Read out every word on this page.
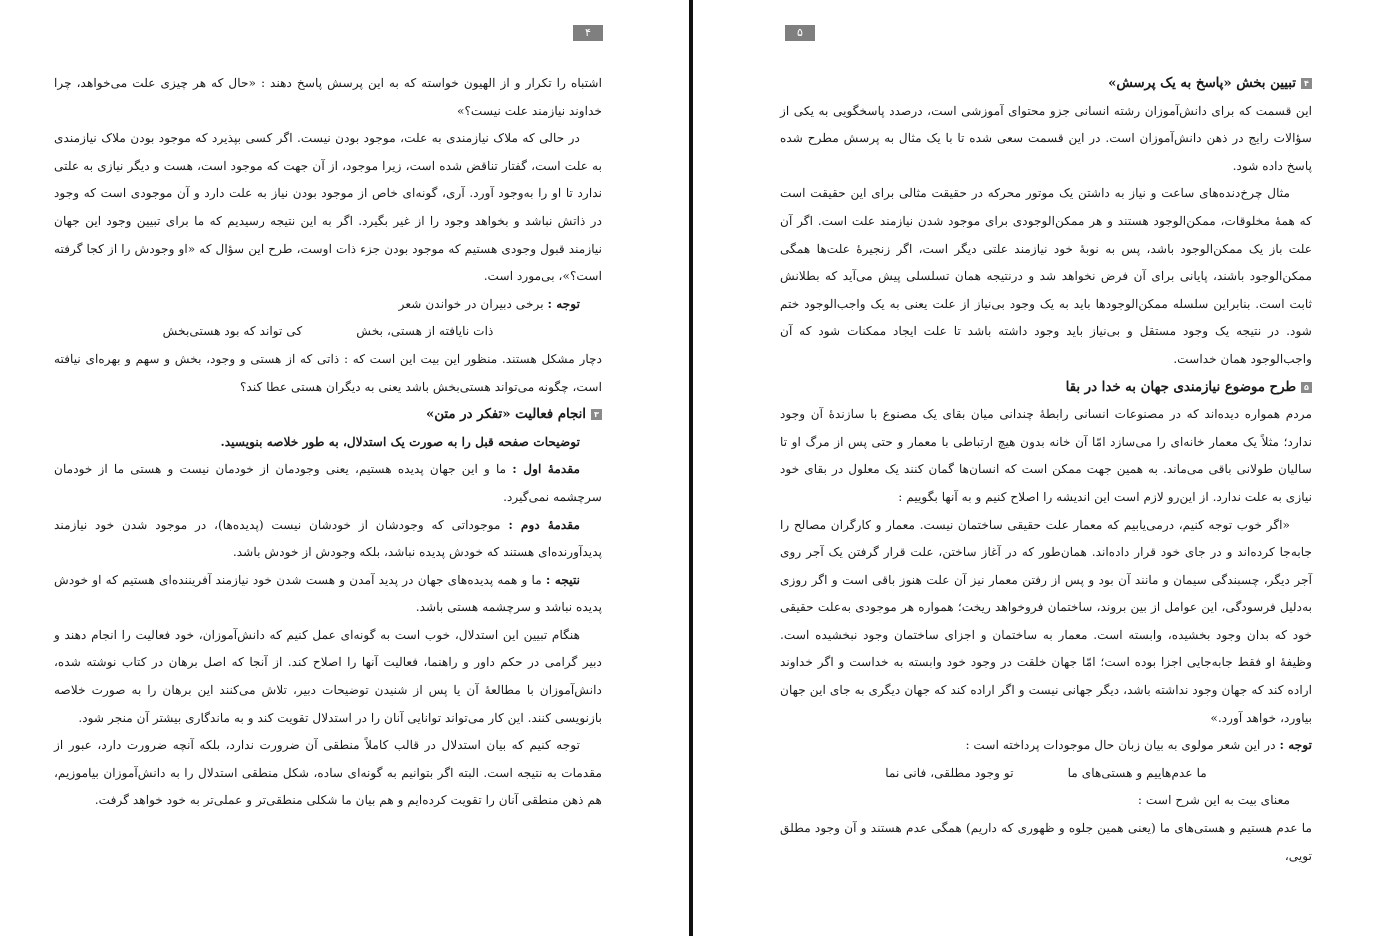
۴

اشتباه را تکرار و از الهیون خواسته که به این پرسش پاسخ دهند : «حال که هر چیزی علت می‌خواهد، چرا خداوند نیازمند علت نیست؟»

در حالی که ملاک نیازمندی به علت، موجود بودن نیست. اگر کسی بپذیرد که موجود بودن ملاک نیازمندی به علت است، گفتار تناقض شده است، زیرا موجود، از آن جهت که موجود است، هست و دیگر نیازی به علتی ندارد تا او را به‌وجود آورد. آری، گونه‌ای خاص از موجود بودن نیاز به علت دارد و آن موجودی است که وجود در ذاتش نباشد و بخواهد وجود را از غیر بگیرد. اگر به این نتیجه رسیدیم که ما برای تبیین وجود این جهان نیازمند قبول وجودی هستیم که موجود بودن جزء ذات اوست، طرح این سؤال که «او وجودش را از کجا گرفته است؟»، بی‌مورد است.

توجه : برخی دبیران در خواندن شعر

ذات نایافته از هستی، بخش
کی تواند که بود هستی‌بخش

دچار مشکل هستند. منظور این بیت این است که : ذاتی که از هستی و وجود، بخش و سهم و بهره‌ای نیافته است، چگونه می‌تواند هستی‌بخش باشد یعنی به دیگران هستی عطا کند؟

۳انجام فعالیت «تفکر در متن»

توضیحات صفحه قبل را به صورت یک استدلال، به طور خلاصه بنویسید.

مقدمهٔ اول : ما و این جهان پدیده هستیم، یعنی وجودمان از خودمان نیست و هستی ما از خودمان سرچشمه نمی‌گیرد.

مقدمهٔ دوم : موجوداتی که وجودشان از خودشان نیست (پدیده‌ها)، در موجود شدن خود نیازمند پدیدآورنده‌ای هستند که خودش پدیده نباشد، بلکه وجودش از خودش باشد.

نتیجه : ما و همه پدیده‌های جهان در پدید آمدن و هست شدن خود نیازمند آفریننده‌ای هستیم که او خودش پدیده نباشد و سرچشمه هستی باشد.

هنگام تبیین این استدلال، خوب است به گونه‌ای عمل کنیم که دانش‌آموزان، خود فعالیت را انجام دهند و دبیر گرامی در حکم داور و راهنما، فعالیت آنها را اصلاح کند. از آنجا که اصل برهان در کتاب نوشته شده، دانش‌آموزان با مطالعهٔ آن یا پس از شنیدن توضیحات دبیر، تلاش می‌کنند این برهان را به صورت خلاصه بازنویسی کنند. این کار می‌تواند توانایی آنان را در استدلال تقویت کند و به ماندگاری بیشتر آن منجر شود.

توجه کنیم که بیان استدلال در قالب کاملاً منطقی آن ضرورت ندارد، بلکه آنچه ضرورت دارد، عبور از مقدمات به نتیجه است. البته اگر بتوانیم به گونه‌ای ساده، شکل منطقی استدلال را به دانش‌آموزان بیاموزیم، هم ذهن منطقی آنان را تقویت کرده‌ایم و هم بیان ما شکلی منطقی‌تر و عملی‌تر به خود خواهد گرفت.

۵

۴تبیین بخش «پاسخ به یک پرسش»

این قسمت که برای دانش‌آموزان رشته انسانی جزو محتوای آموزشی است، درصدد پاسخگویی به یکی از سؤالات رایج در ذهن دانش‌آموزان است. در این قسمت سعی شده تا با یک مثال به پرسش مطرح شده پاسخ داده شود.

مثال چرخ‌دنده‌های ساعت و نیاز به داشتن یک موتور محرکه در حقیقت مثالی برای این حقیقت است که همهٔ مخلوقات، ممکن‌الوجود هستند و هر ممکن‌الوجودی برای موجود شدن نیازمند علت است. اگر آن علت باز یک ممکن‌الوجود باشد، پس به نوبهٔ خود نیازمند علتی دیگر است، اگر زنجیرهٔ علت‌ها همگی ممکن‌الوجود باشند، پایانی برای آن فرض نخواهد شد و درنتیجه همان تسلسلی پیش می‌آید که بطلانش ثابت است. بنابراین سلسله ممکن‌الوجودها باید به یک وجود بی‌نیاز از علت یعنی به یک واجب‌الوجود ختم شود. در نتیجه یک وجود مستقل و بی‌نیاز باید وجود داشته باشد تا علت ایجاد ممکنات شود که آن واجب‌الوجود همان خداست.

۵طرح موضوع نیازمندی جهان به خدا در بقا

مردم همواره دیده‌اند که در مصنوعات انسانی رابطهٔ چندانی میان بقای یک مصنوع با سازندهٔ آن وجود ندارد؛ مثلاً یک معمار خانه‌ای را می‌سازد امّا آن خانه بدون هیچ ارتباطی با معمار و حتی پس از مرگ او تا سالیان طولانی باقی می‌ماند. به همین جهت ممکن است که انسان‌ها گمان کنند یک معلول در بقای خود نیازی به علت ندارد. از این‌رو لازم است این اندیشه را اصلاح کنیم و به آنها بگوییم :

«اگر خوب توجه کنیم، درمی‌یابیم که معمار علت حقیقی ساختمان نیست. معمار و کارگران مصالح را جابه‌جا کرده‌اند و در جای خود قرار داده‌اند. همان‌طور که در آغاز ساختن، علت قرار گرفتن یک آجر روی آجر دیگر، چسبندگی سیمان و مانند آن بود و پس از رفتن معمار نیز آن علت هنوز باقی است و اگر روزی به‌دلیل فرسودگی، این عوامل از بین بروند، ساختمان فروخواهد ریخت؛ همواره هر موجودی به‌علت حقیقی خود که بدان وجود بخشیده، وابسته است. معمار به ساختمان و اجزای ساختمان وجود نبخشیده است. وظیفهٔ او فقط جابه‌جایی اجزا بوده است؛ امّا جهان خلقت در وجود خود وابسته به خداست و اگر خداوند اراده کند که جهان وجود نداشته باشد، دیگر جهانی نیست و اگر اراده کند که جهان دیگری به جای این جهان بیاورد، خواهد آورد.»

توجه : در این شعر مولوی به بیان زبان حال موجودات پرداخته است :

ما عدم‌هاییم و هستی‌های ما
تو وجود مطلقی، فانی نما

معنای بیت به این شرح است :

ما عدم هستیم و هستی‌های ما (یعنی همین جلوه و ظهوری که داریم) همگی عدم هستند و آن وجود مطلق تویی،
